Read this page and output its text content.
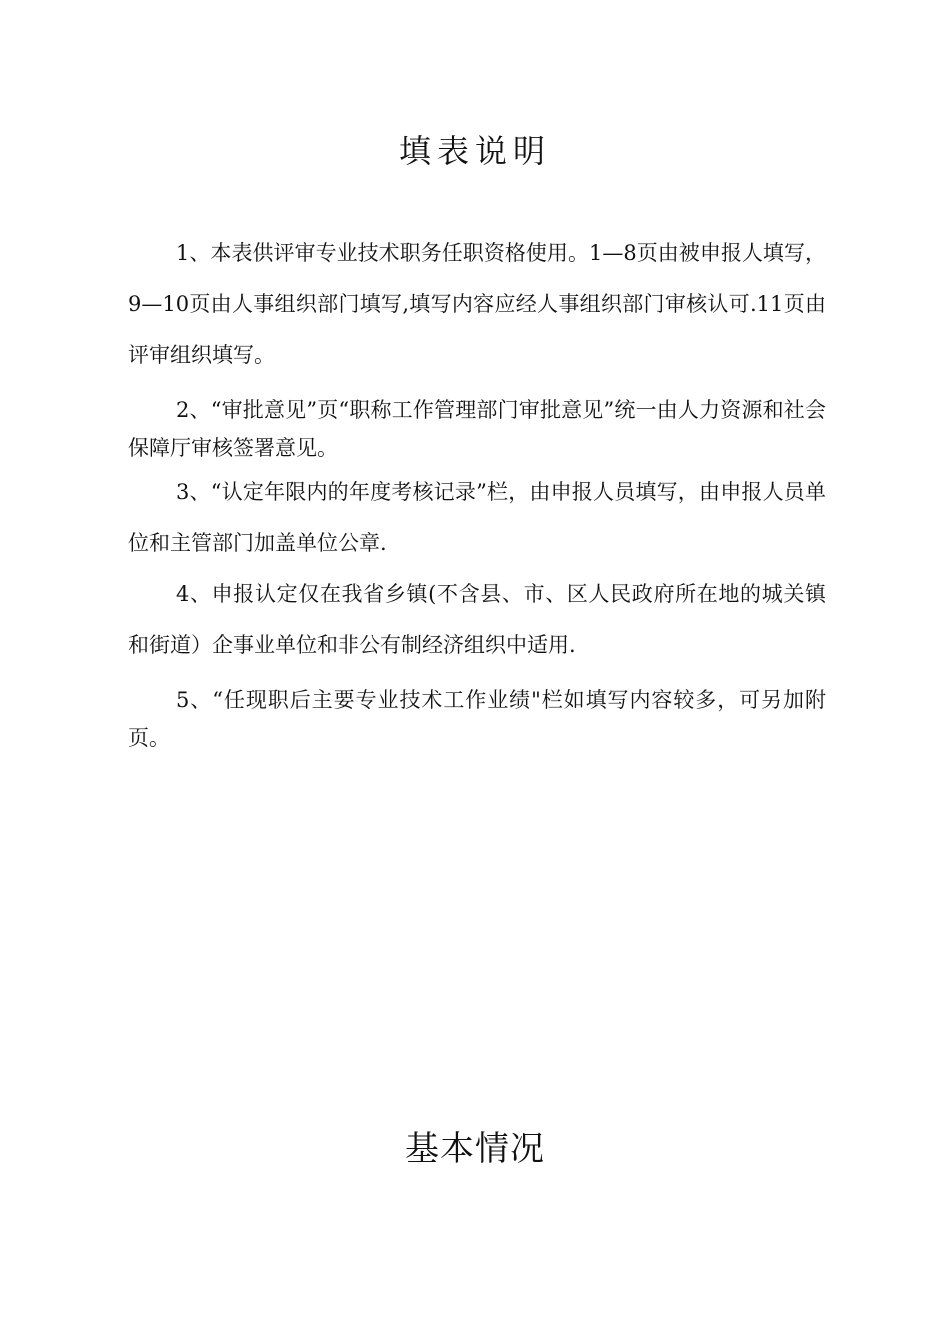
填表说明

1、本表供评审专业技术职务任职资格使用。1—8页由被申报人填写，9—10页由人事组织部门填写,填写内容应经人事组织部门审核认可.11页由评审组织填写。

2、“审批意见”页“职称工作管理部门审批意见”统一由人力资源和社会保障厅审核签署意见。

3、“认定年限内的年度考核记录”栏，由申报人员填写，由申报人员单位和主管部门加盖单位公章.

4、申报认定仅在我省乡镇(不含县、市、区人民政府所在地的城关镇和街道）企事业单位和非公有制经济组织中适用.

5、“任现职后主要专业技术工作业绩"栏如填写内容较多，可另加附页。

基本情况
